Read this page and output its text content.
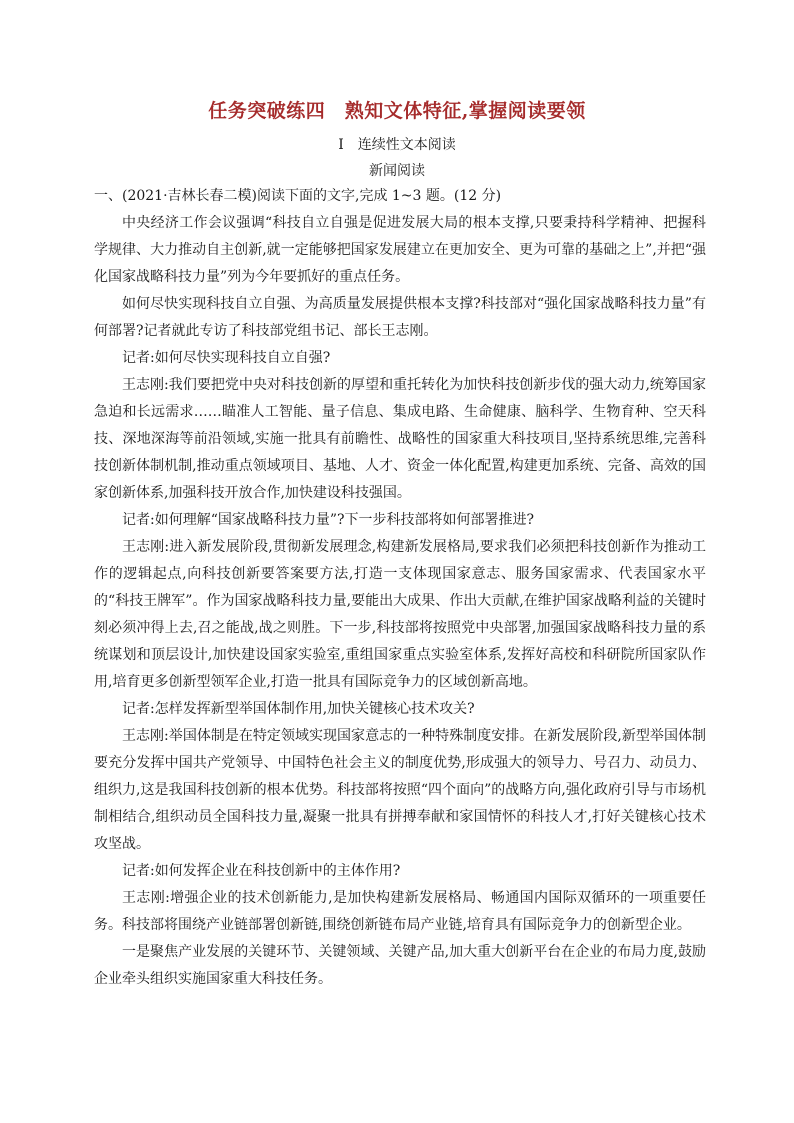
任务突破练四　熟知文体特征,掌握阅读要领
Ⅰ 连续性文本阅读
新闻阅读

一、(2021·吉林长春二模)阅读下面的文字,完成 1~3 题。(12 分)

中央经济工作会议强调“科技自立自强是促进发展大局的根本支撑,只要秉持科学精神、把握科学规律、大力推动自主创新,就一定能够把国家发展建立在更加安全、更为可靠的基础之上”,并把“强化国家战略科技力量”列为今年要抓好的重点任务。

如何尽快实现科技自立自强、为高质量发展提供根本支撑?科技部对“强化国家战略科技力量”有何部署?记者就此专访了科技部党组书记、部长王志刚。

记者:如何尽快实现科技自立自强?

王志刚:我们要把党中央对科技创新的厚望和重托转化为加快科技创新步伐的强大动力,统筹国家急迫和长远需求……瞄准人工智能、量子信息、集成电路、生命健康、脑科学、生物育种、空天科技、深地深海等前沿领域,实施一批具有前瞻性、战略性的国家重大科技项目,坚持系统思维,完善科技创新体制机制,推动重点领域项目、基地、人才、资金一体化配置,构建更加系统、完备、高效的国家创新体系,加强科技开放合作,加快建设科技强国。

记者:如何理解“国家战略科技力量”?下一步科技部将如何部署推进?

王志刚:进入新发展阶段,贯彻新发展理念,构建新发展格局,要求我们必须把科技创新作为推动工作的逻辑起点,向科技创新要答案要方法,打造一支体现国家意志、服务国家需求、代表国家水平的“科技王牌军”。作为国家战略科技力量,要能出大成果、作出大贡献,在维护国家战略利益的关键时刻必须冲得上去,召之能战,战之则胜。下一步,科技部将按照党中央部署,加强国家战略科技力量的系统谋划和顶层设计,加快建设国家实验室,重组国家重点实验室体系,发挥好高校和科研院所国家队作用,培育更多创新型领军企业,打造一批具有国际竞争力的区域创新高地。

记者:怎样发挥新型举国体制作用,加快关键核心技术攻关?

王志刚:举国体制是在特定领域实现国家意志的一种特殊制度安排。在新发展阶段,新型举国体制要充分发挥中国共产党领导、中国特色社会主义的制度优势,形成强大的领导力、号召力、动员力、组织力,这是我国科技创新的根本优势。科技部将按照“四个面向”的战略方向,强化政府引导与市场机制相结合,组织动员全国科技力量,凝聚一批具有拼搏奉献和家国情怀的科技人才,打好关键核心技术攻坚战。

记者:如何发挥企业在科技创新中的主体作用?

王志刚:增强企业的技术创新能力,是加快构建新发展格局、畅通国内国际双循环的一项重要任务。科技部将围绕产业链部署创新链,围绕创新链布局产业链,培育具有国际竞争力的创新型企业。

一是聚焦产业发展的关键环节、关键领域、关键产品,加大重大创新平台在企业的布局力度,鼓励企业牵头组织实施国家重大科技任务。
